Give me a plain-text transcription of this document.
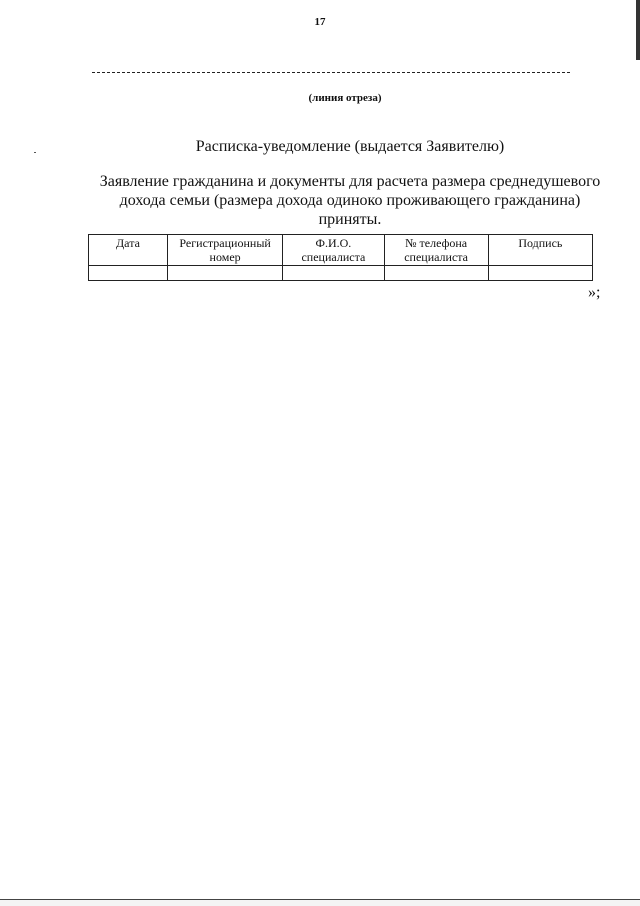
17
(линия отреза)
Расписка-уведомление (выдается Заявителю)
Заявление гражданина и документы для расчета размера среднедушевого дохода семьи (размера дохода одиноко проживающего гражданина) приняты.
Дата	Регистрационный номер	Ф.И.О. специалиста	№ телефона специалиста	Подпись

»;
